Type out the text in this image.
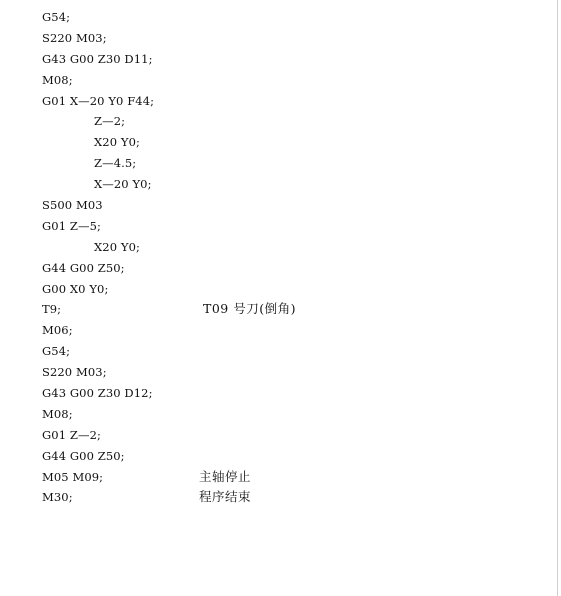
G54;
S220 M03;
G43 G00 Z30 D11;
M08;
G01 X—20 Y0 F44;
Z—2;
X20 Y0;
Z—4.5;
X—20 Y0;
S500 M03
G01 Z—5;
X20 Y0;
G44 G00 Z50;
G00 X0 Y0;
T9;	T09 号刀(倒角)
M06;
G54;
S220 M03;
G43 G00 Z30 D12;
M08;
G01 Z—2;
G44 G00 Z50;
M05 M09;	主轴停止
M30;	程序结束
